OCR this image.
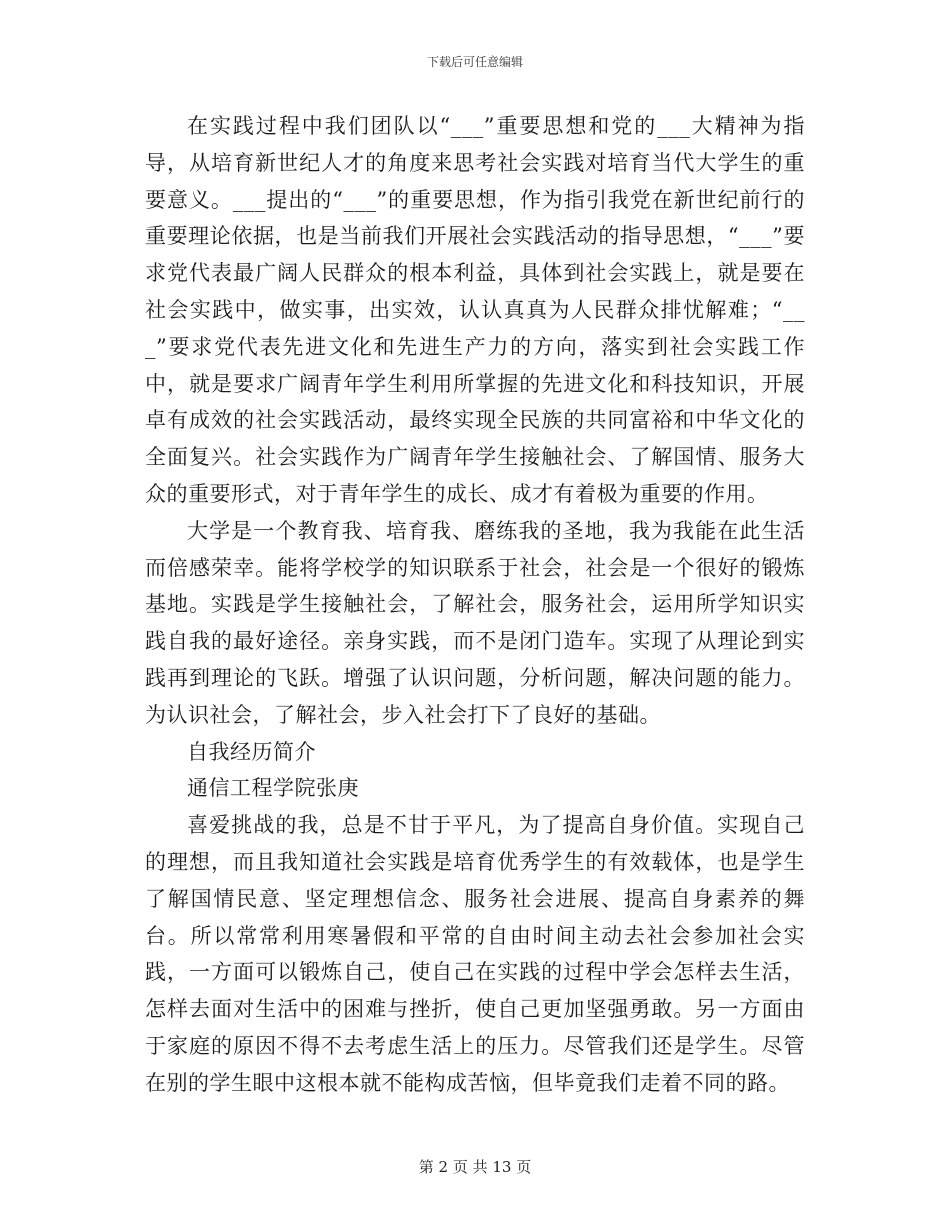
下载后可任意编辑

在实践过程中我们团队以“___”重要思想和党的___大精神为指导，从培育新世纪人才的角度来思考社会实践对培育当代大学生的重要意义。___提出的“___”的重要思想，作为指引我党在新世纪前行的重要理论依据，也是当前我们开展社会实践活动的指导思想，“___”要求党代表最广阔人民群众的根本利益，具体到社会实践上，就是要在社会实践中，做实事，出实效，认认真真为人民群众排忧解难；“___”要求党代表先进文化和先进生产力的方向，落实到社会实践工作中，就是要求广阔青年学生利用所掌握的先进文化和科技知识，开展卓有成效的社会实践活动，最终实现全民族的共同富裕和中华文化的全面复兴。社会实践作为广阔青年学生接触社会、了解国情、服务大众的重要形式，对于青年学生的成长、成才有着极为重要的作用。

大学是一个教育我、培育我、磨练我的圣地，我为我能在此生活而倍感荣幸。能将学校学的知识联系于社会，社会是一个很好的锻炼基地。实践是学生接触社会，了解社会，服务社会，运用所学知识实践自我的最好途径。亲身实践，而不是闭门造车。实现了从理论到实践再到理论的飞跃。增强了认识问题，分析问题，解决问题的能力。为认识社会，了解社会，步入社会打下了良好的基础。

自我经历简介

通信工程学院张庚

喜爱挑战的我，总是不甘于平凡，为了提高自身价值。实现自己的理想，而且我知道社会实践是培育优秀学生的有效载体，也是学生了解国情民意、坚定理想信念、服务社会进展、提高自身素养的舞台。所以常常利用寒暑假和平常的自由时间主动去社会参加社会实践，一方面可以锻炼自己，使自己在实践的过程中学会怎样去生活，怎样去面对生活中的困难与挫折，使自己更加坚强勇敢。另一方面由于家庭的原因不得不去考虑生活上的压力。尽管我们还是学生。尽管在别的学生眼中这根本就不能构成苦恼，但毕竟我们走着不同的路。

第 2 页 共 13 页
